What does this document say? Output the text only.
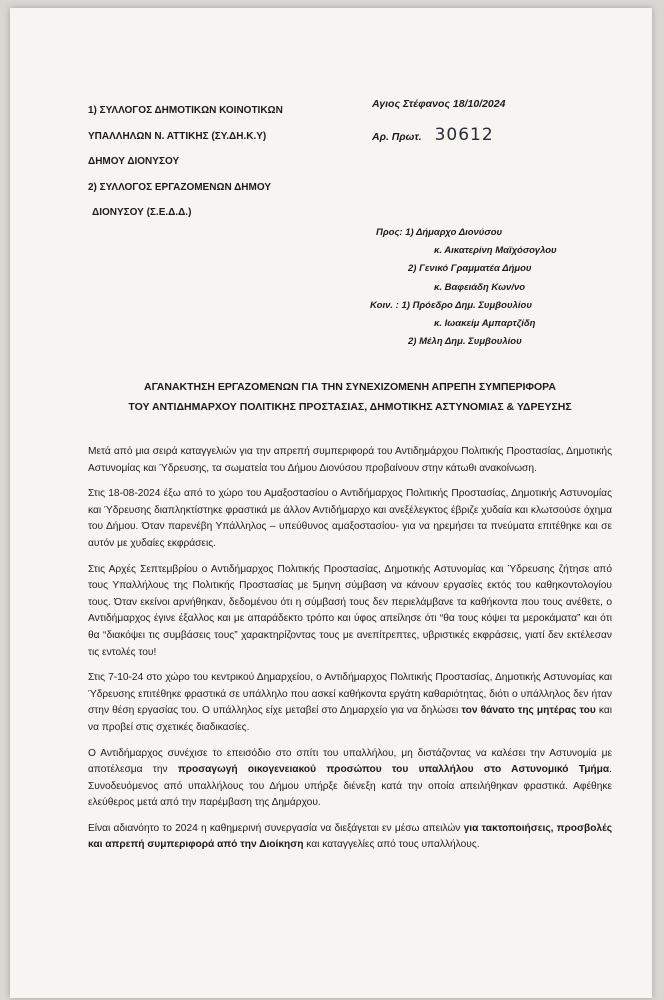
1) ΣΥΛΛΟΓΟΣ ΔΗΜΟΤΙΚΩΝ ΚΟΙΝΟΤΙΚΩΝ
ΥΠΑΛΛΗΛΩΝ Ν. ΑΤΤΙΚΗΣ (ΣΥ.ΔΗ.Κ.Υ)
ΔΗΜΟΥ ΔΙΟΝΥΣΟΥ
2) ΣΥΛΛΟΓΟΣ ΕΡΓΑΖΟΜΕΝΩΝ ΔΗΜΟΥ
ΔΙΟΝΥΣΟΥ (Σ.Ε.Δ.Δ.)
Αγιος Στέφανος 18/10/2024
Αρ. Πρωτ. 30612
Προς: 1) Δήμαρχο Διονύσου
κ. Αικατερίνη Μαϊχόσογλου
2) Γενικό Γραμματέα Δήμου
κ. Βαφειάδη Κων/νο
Κοιν. : 1) Πρόεδρο Δημ. Συμβουλίου
κ. Ιωακείμ Αμπαρτζίδη
2) Μέλη Δημ. Συμβουλίου
ΑΓΑΝΑΚΤΗΣΗ ΕΡΓΑΖΟΜΕΝΩΝ ΓΙΑ ΤΗΝ ΣΥΝΕΧΙΖΟΜΕΝΗ ΑΠΡΕΠΗ ΣΥΜΠΕΡΙΦΟΡΑ
ΤΟΥ ΑΝΤΙΔΗΜΑΡΧΟΥ ΠΟΛΙΤΙΚΗΣ ΠΡΟΣΤΑΣΙΑΣ, ΔΗΜΟΤΙΚΗΣ ΑΣΤΥΝΟΜΙΑΣ & ΥΔΡΕΥΣΗΣ

Μετά από μια σειρά καταγγελιών για την απρεπή συμπεριφορά του Αντιδημάρχου Πολιτικής Προστασίας, Δημοτικής Αστυνομίας και Ύδρευσης, τα σωματεία του Δήμου Διονύσου προβαίνουν στην κάτωθι ανακοίνωση.

Στις 18-08-2024 έξω από το χώρο του Αμαξοστασίου ο Αντιδήμαρχος Πολιτικής Προστασίας, Δημοτικής Αστυνομίας και Ύδρευσης διαπληκτίστηκε φραστικά με άλλον Αντιδήμαρχο και ανεξέλεγκτος έβριζε χυδαία και κλωτσούσε όχημα του Δήμου. Όταν παρενέβη Υπάλληλος – υπεύθυνος αμαξοστασίου- για να ηρεμήσει τα πνεύματα επιτέθηκε και σε αυτόν με χυδαίες εκφράσεις.

Στις Αρχές Σεπτεμβρίου ο Αντιδήμαρχος Πολιτικής Προστασίας, Δημοτικής Αστυνομίας και Ύδρευσης ζήτησε από τους Υπαλλήλους της Πολιτικής Προστασίας με 5μηνη σύμβαση να κάνουν εργασίες εκτός του καθηκοντολογίου τους. Όταν εκείνοι αρνήθηκαν, δεδομένου ότι η σύμβασή τους δεν περιελάμβανε τα καθήκοντα που τους ανέθετε, ο Αντιδήμαρχος έγινε έξαλλος και με απαράδεκτο τρόπο και ύφος απείλησε ότι “θα τους κόψει τα μεροκάματα” και ότι θα “διακόψει τις συμβάσεις τους” χαρακτηρίζοντας τους με ανεπίτρεπτες, υβριστικές εκφράσεις, γιατί δεν εκτέλεσαν τις εντολές του!

Στις 7-10-24 στο χώρο του κεντρικού Δημαρχείου, ο Αντιδήμαρχος Πολιτικής Προστασίας, Δημοτικής Αστυνομίας και Ύδρευσης επιτέθηκε φραστικά σε υπάλληλο που ασκεί καθήκοντα εργάτη καθαριότητας, διότι ο υπάλληλος δεν ήταν στην θέση εργασίας του. Ο υπάλληλος είχε μεταβεί στο Δημαρχείο για να δηλώσει τον θάνατο της μητέρας του και να προβεί στις σχετικές διαδικασίες.

Ο Αντιδήμαρχος συνέχισε το επεισόδιο στο σπίτι του υπαλλήλου, μη διστάζοντας να καλέσει την Αστυνομία με αποτέλεσμα την προσαγωγή οικογενειακού προσώπου του υπαλλήλου στο Αστυνομικό Τμήμα. Συνοδευόμενος από υπαλλήλους του Δήμου υπήρξε διένεξη κατά την οποία απειλήθηκαν φραστικά. Αφέθηκε ελεύθερος μετά από την παρέμβαση της Δημάρχου.

Είναι αδιανόητο το 2024 η καθημερινή συνεργασία να διεξάγεται εν μέσω απειλών για τακτοποιήσεις, προσβολές και απρεπή συμπεριφορά από την Διοίκηση και καταγγελίες από τους υπαλλήλους.
